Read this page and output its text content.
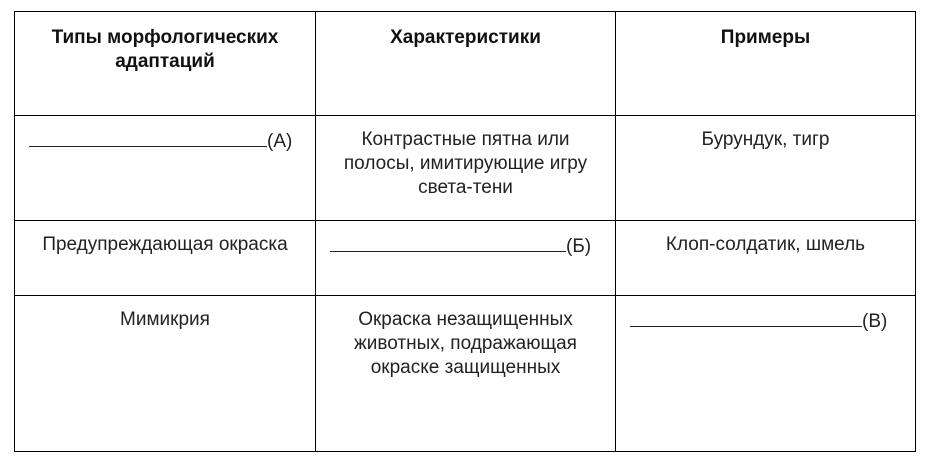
Типы морфологических адаптаций	Характеристики	Примеры

(А)	Контрастные пятна или полосы, имитирующие игру света-тени	Бурундук, тигр
Предупреждающая окраска	(Б)	Клоп-солдатик, шмель
Мимикрия	Окраска незащищенных животных, подражающая окраске защищенных	(В)
